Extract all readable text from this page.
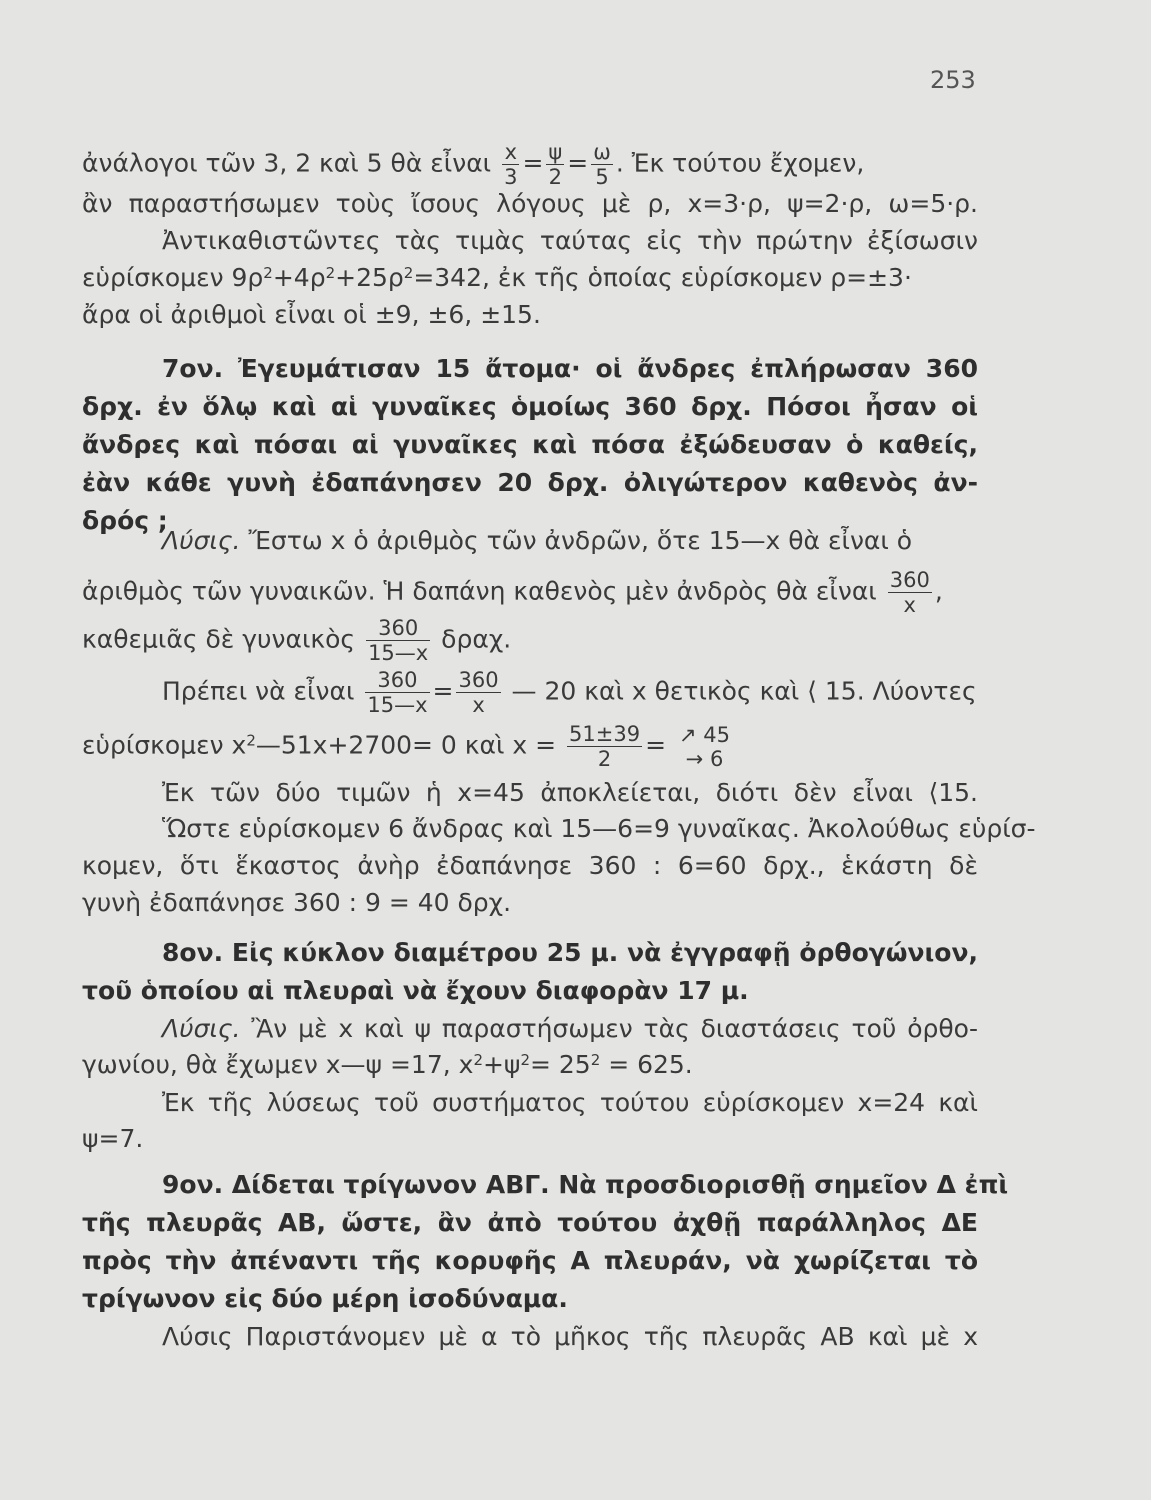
253
ἀνάλογοι τῶν 3, 2 καὶ 5 θὰ εἶναι $\frac{x}{3} = \frac{\psi}{2} = \frac{\omega}{5}$ . Ἐκ τούτου ἔχομεν,
ἂν παραστήσωμεν τοὺς ἴσους λόγους μὲ ρ, x=3·ρ, ψ=2·ρ, ω=5·ρ.
Ἀντικαθιστῶντες τὰς τιμὰς ταύτας εἰς τὴν πρώτην ἐξίσωσιν
εὑρίσκομεν $9\rho^2+4\rho^2+25\rho^2=342$, ἐκ τῆς ὁποίας εὑρίσκομεν ρ=±3·
ἄρα οἱ ἀριθμοὶ εἶναι οἱ ±9, ±6, ±15.
7ον. Ἐγευμάτισαν 15 ἄτομα· οἱ ἄνδρες ἐπλήρωσαν 360
δρχ. ἐν ὅλῳ καὶ αἱ γυναῖκες ὁμοίως 360 δρχ. Πόσοι ἦσαν οἱ
ἄνδρες καὶ πόσαι αἱ γυναῖκες καὶ πόσα ἐξώδευσαν ὁ καθείς,
ἐὰν κάθε γυνὴ ἐδαπάνησεν 20 δρχ. ὀλιγώτερον καθενὸς ἀν-
δρός ;
Λύσις. Ἔστω x ὁ ἀριθμὸς τῶν ἀνδρῶν, ὅτε 15—x θὰ εἶναι ὁ
ἀριθμὸς τῶν γυναικῶν. Ἡ δαπάνη καθενὸς μὲν ἀνδρὸς θὰ εἶναι $\frac{360}{x}$ ,
καθεμιᾶς δὲ γυναικὸς $\frac{360}{15—x} \delta\rho\alpha\chi$.
Πρέπει νὰ εἶναι $\frac{360}{15—x} = \frac{360}{x}$ — 20 καὶ x θετικὸς καὶ ⟨ 15. Λύοντες
εὑρίσκομεν $x^2—51x+2700= 0$ καὶ $x = \frac{51\pm 39}{2}$ = ↗ 45
→ 6
Ἐκ τῶν δύο τιμῶν ἡ x=45 ἀποκλείεται, διότι δὲν εἶναι ⟨15.
Ὥστε εὑρίσκομεν 6 ἄνδρας καὶ 15—6=9 γυναῖκας. Ἀκολούθως εὑρίσ-
κομεν, ὅτι ἕκαστος ἀνὴρ ἐδαπάνησε 360 : 6=60 δρχ., ἑκάστη δὲ
γυνὴ ἐδαπάνησε 360 : 9 = 40 δρχ.
8ον. Εἰς κύκλον διαμέτρου 25 μ. νὰ ἐγγραφῇ ὀρθογώνιον,
τοῦ ὁποίου αἱ πλευραὶ νὰ ἔχουν διαφορὰν 17 μ.
Λύσις. Ἂν μὲ x καὶ ψ παραστήσωμεν τὰς διαστάσεις τοῦ ὀρθο-
γωνίου, θὰ ἔχωμεν x—ψ =17, $x^2+\psi^2= 25^2 = 625$.
Ἐκ τῆς λύσεως τοῦ συστήματος τούτου εὑρίσκομεν x=24 καὶ
ψ=7.
9ον. Δίδεται τρίγωνον ΑΒΓ. Νὰ προσδιορισθῇ σημεῖον Δ ἐπὶ
τῆς πλευρᾶς ΑΒ, ὥστε, ἂν ἀπὸ τούτου ἀχθῇ παράλληλος ΔΕ
πρὸς τὴν ἀπέναντι τῆς κορυφῆς Α πλευράν, νὰ χωρίζεται τὸ
τρίγωνον εἰς δύο μέρη ἰσοδύναμα.
Λύσις Παριστάνομεν μὲ α τὸ μῆκος τῆς πλευρᾶς ΑΒ καὶ μὲ x
